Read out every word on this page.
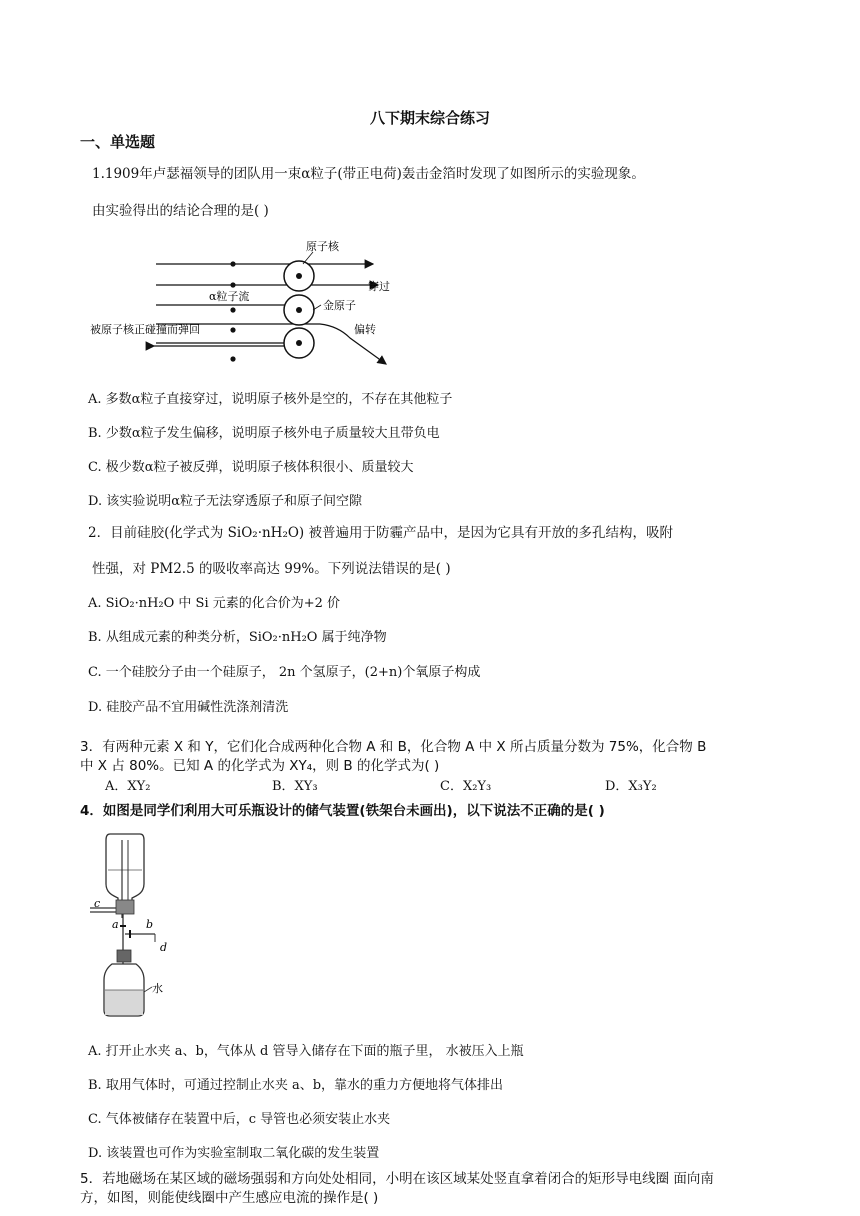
八下期末综合练习
一、单选题
1.1909年卢瑟福领导的团队用一束α粒子(带正电荷)轰击金箔时发现了如图所示的实验现象。
由实验得出的结论合理的是( )
原子核
穿过
α粒子流
金原子
被原子核正碰撞而弹回	偏转
A. 多数α粒子直接穿过，说明原子核外是空的，不存在其他粒子
B. 少数α粒子发生偏移，说明原子核外电子质量较大且带负电
C. 极少数α粒子被反弹，说明原子核体积很小、质量较大
D. 该实验说明α粒子无法穿透原子和原子间空隙
2．目前硅胶(化学式为 SiO₂·nH₂O) 被普遍用于防霾产品中，是因为它具有开放的多孔结构，吸附
性强，对 PM2.5 的吸收率高达 99%。下列说法错误的是( )
A. SiO₂·nH₂O 中 Si 元素的化合价为+2 价
B. 从组成元素的种类分析，SiO₂·nH₂O 属于纯净物
C. 一个硅胶分子由一个硅原子， 2n 个氢原子，(2+n)个氧原子构成
D. 硅胶产品不宜用碱性洗涤剂清洗
3．有两种元素 X 和 Y，它们化合成两种化合物 A 和 B，化合物 A 中 X 所占质量分数为 75%，化合物 B
中 X 占 80%。已知 A 的化学式为 XY₄，则 B 的化学式为( )
A．XY₂	B．XY₃	C．X₂Y₃	D．X₃Y₂
4．如图是同学们利用大可乐瓶设计的储气装置(铁架台未画出)，以下说法不正确的是( )
c
a b
d
水
A. 打开止水夹 a、b，气体从 d 管导入储存在下面的瓶子里， 水被压入上瓶
B. 取用气体时，可通过控制止水夹 a、b，靠水的重力方便地将气体排出
C. 气体被储存在装置中后，c 导管也必须安装止水夹
D. 该装置也可作为实验室制取二氧化碳的发生装置
5．若地磁场在某区域的磁场强弱和方向处处相同，小明在该区域某处竖直拿着闭合的矩形导电线圈 面向南
方，如图，则能使线圈中产生感应电流的操作是( )
